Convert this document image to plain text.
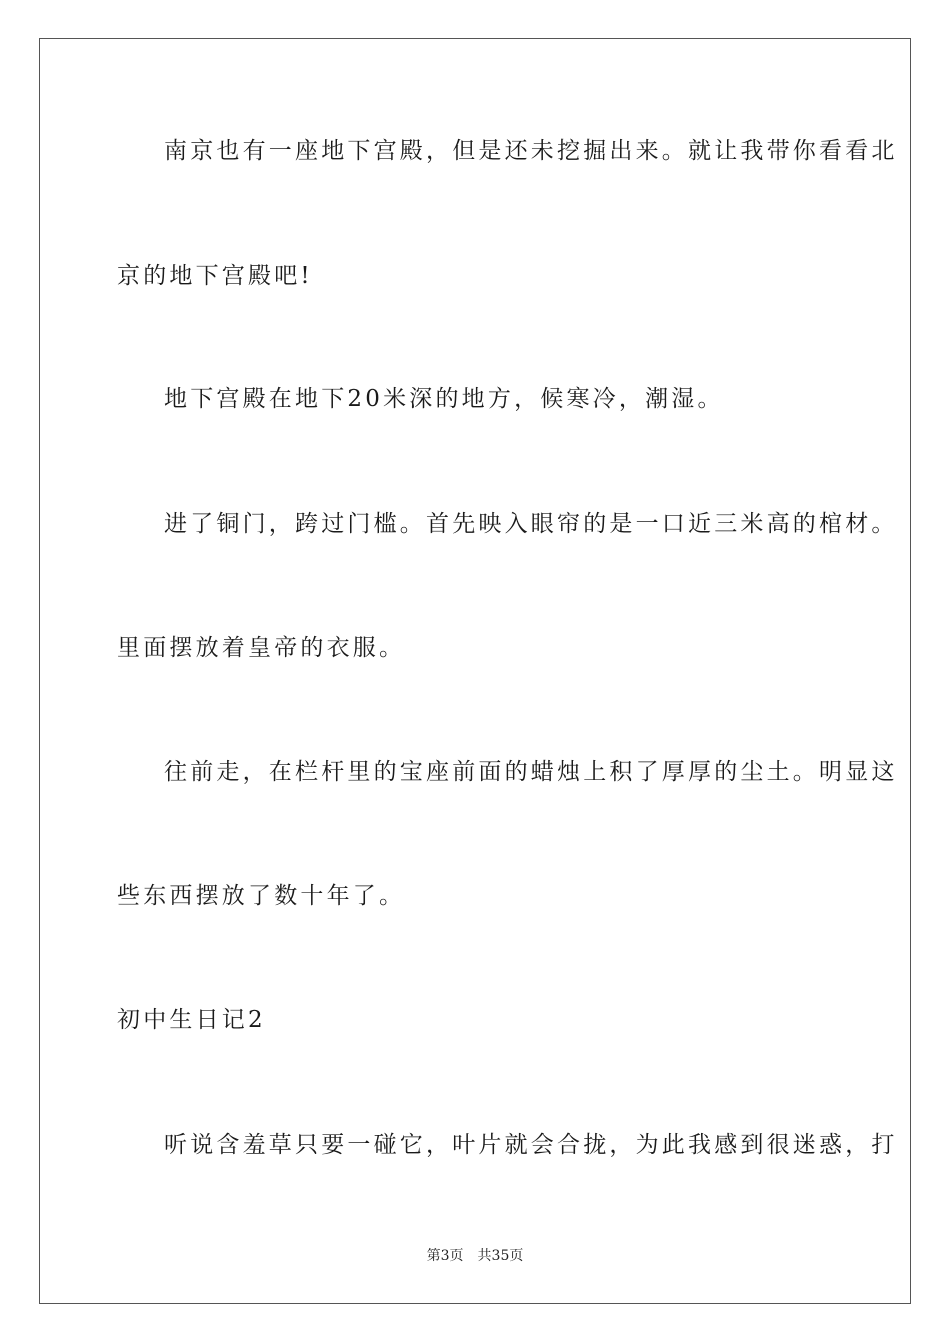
南京也有一座地下宫殿，但是还未挖掘出来。就让我带你看看北
京的地下宫殿吧!
地下宫殿在地下20米深的地方，候寒冷，潮湿。
进了铜门，跨过门槛。首先映入眼帘的是一口近三米高的棺材。
里面摆放着皇帝的衣服。
往前走，在栏杆里的宝座前面的蜡烛上积了厚厚的尘土。明显这
些东西摆放了数十年了。
初中生日记2
听说含羞草只要一碰它，叶片就会合拢，为此我感到很迷惑，打
第3页 共35页
